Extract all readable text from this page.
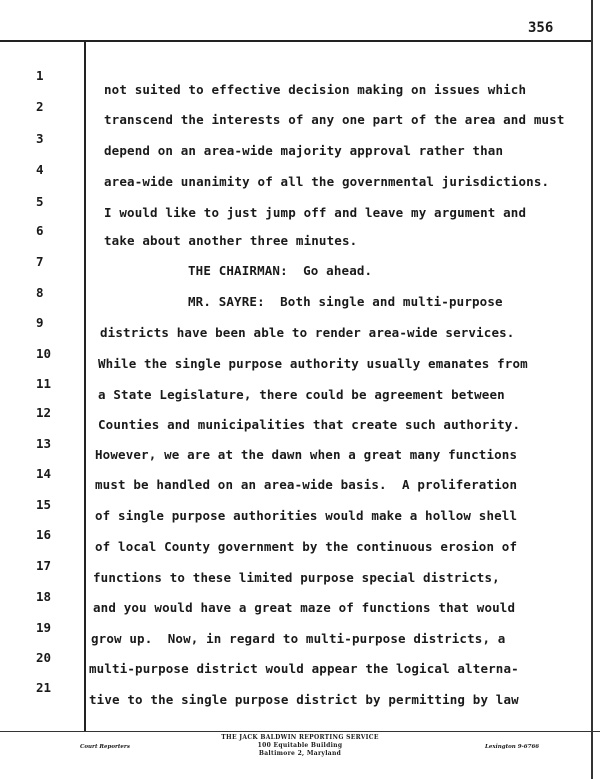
356
1
2
3
4
5
6
7
8
9
10
11
12
13
14
15
16
17
18
19
20
21
not suited to effective decision making on issues which
transcend the interests of any one part of the area and must
depend on an area-wide majority approval rather than
area-wide unanimity of all the governmental jurisdictions.
I would like to just jump off and leave my argument and
take about another three minutes.
THE CHAIRMAN:  Go ahead.
MR. SAYRE:  Both single and multi-purpose
districts have been able to render area-wide services.
While the single purpose authority usually emanates from
a State Legislature, there could be agreement between
Counties and municipalities that create such authority.
However, we are at the dawn when a great many functions
must be handled on an area-wide basis.  A proliferation
of single purpose authorities would make a hollow shell
of local County government by the continuous erosion of
functions to these limited purpose special districts,
and you would have a great maze of functions that would
grow up.  Now, in regard to multi-purpose districts, a
multi-purpose district would appear the logical alterna-
tive to the single purpose district by permitting by law
THE JACK BALDWIN REPORTING SERVICE
100 Equitable Building
Baltimore 2, Maryland
Court Reporters	Lexington 9-6766
